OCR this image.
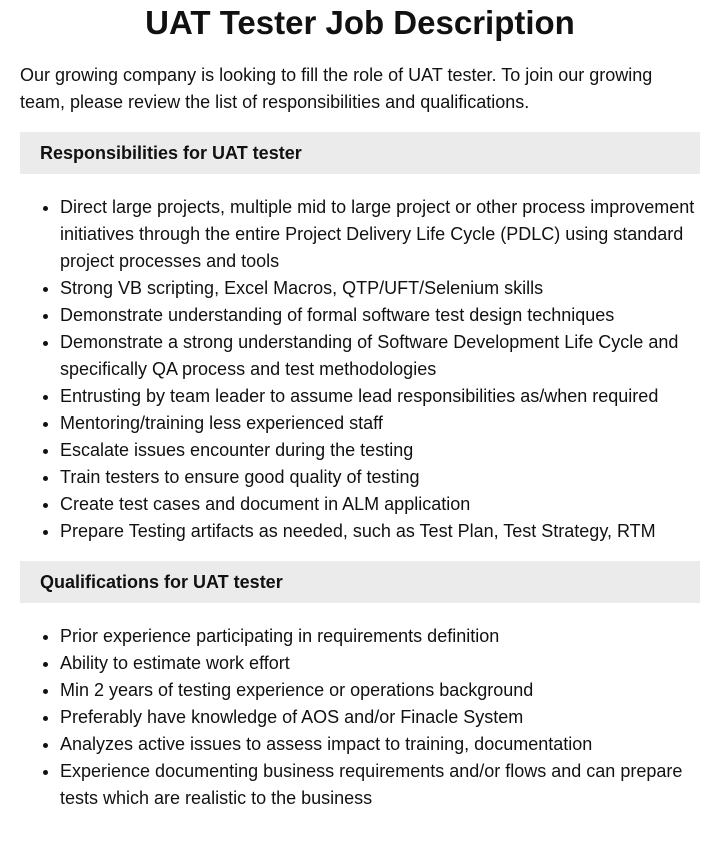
UAT Tester Job Description

Our growing company is looking to fill the role of UAT tester. To join our growing team, please review the list of responsibilities and qualifications.

Responsibilities for UAT tester
• Direct large projects, multiple mid to large project or other process improvement initiatives through the entire Project Delivery Life Cycle (PDLC) using standard project processes and tools
• Strong VB scripting, Excel Macros, QTP/UFT/Selenium skills
• Demonstrate understanding of formal software test design techniques
• Demonstrate a strong understanding of Software Development Life Cycle and specifically QA process and test methodologies
• Entrusting by team leader to assume lead responsibilities as/when required
• Mentoring/training less experienced staff
• Escalate issues encounter during the testing
• Train testers to ensure good quality of testing
• Create test cases and document in ALM application
• Prepare Testing artifacts as needed, such as Test Plan, Test Strategy, RTM
Qualifications for UAT tester
• Prior experience participating in requirements definition
• Ability to estimate work effort
• Min 2 years of testing experience or operations background
• Preferably have knowledge of AOS and/or Finacle System
• Analyzes active issues to assess impact to training, documentation
• Experience documenting business requirements and/or flows and can prepare tests which are realistic to the business
